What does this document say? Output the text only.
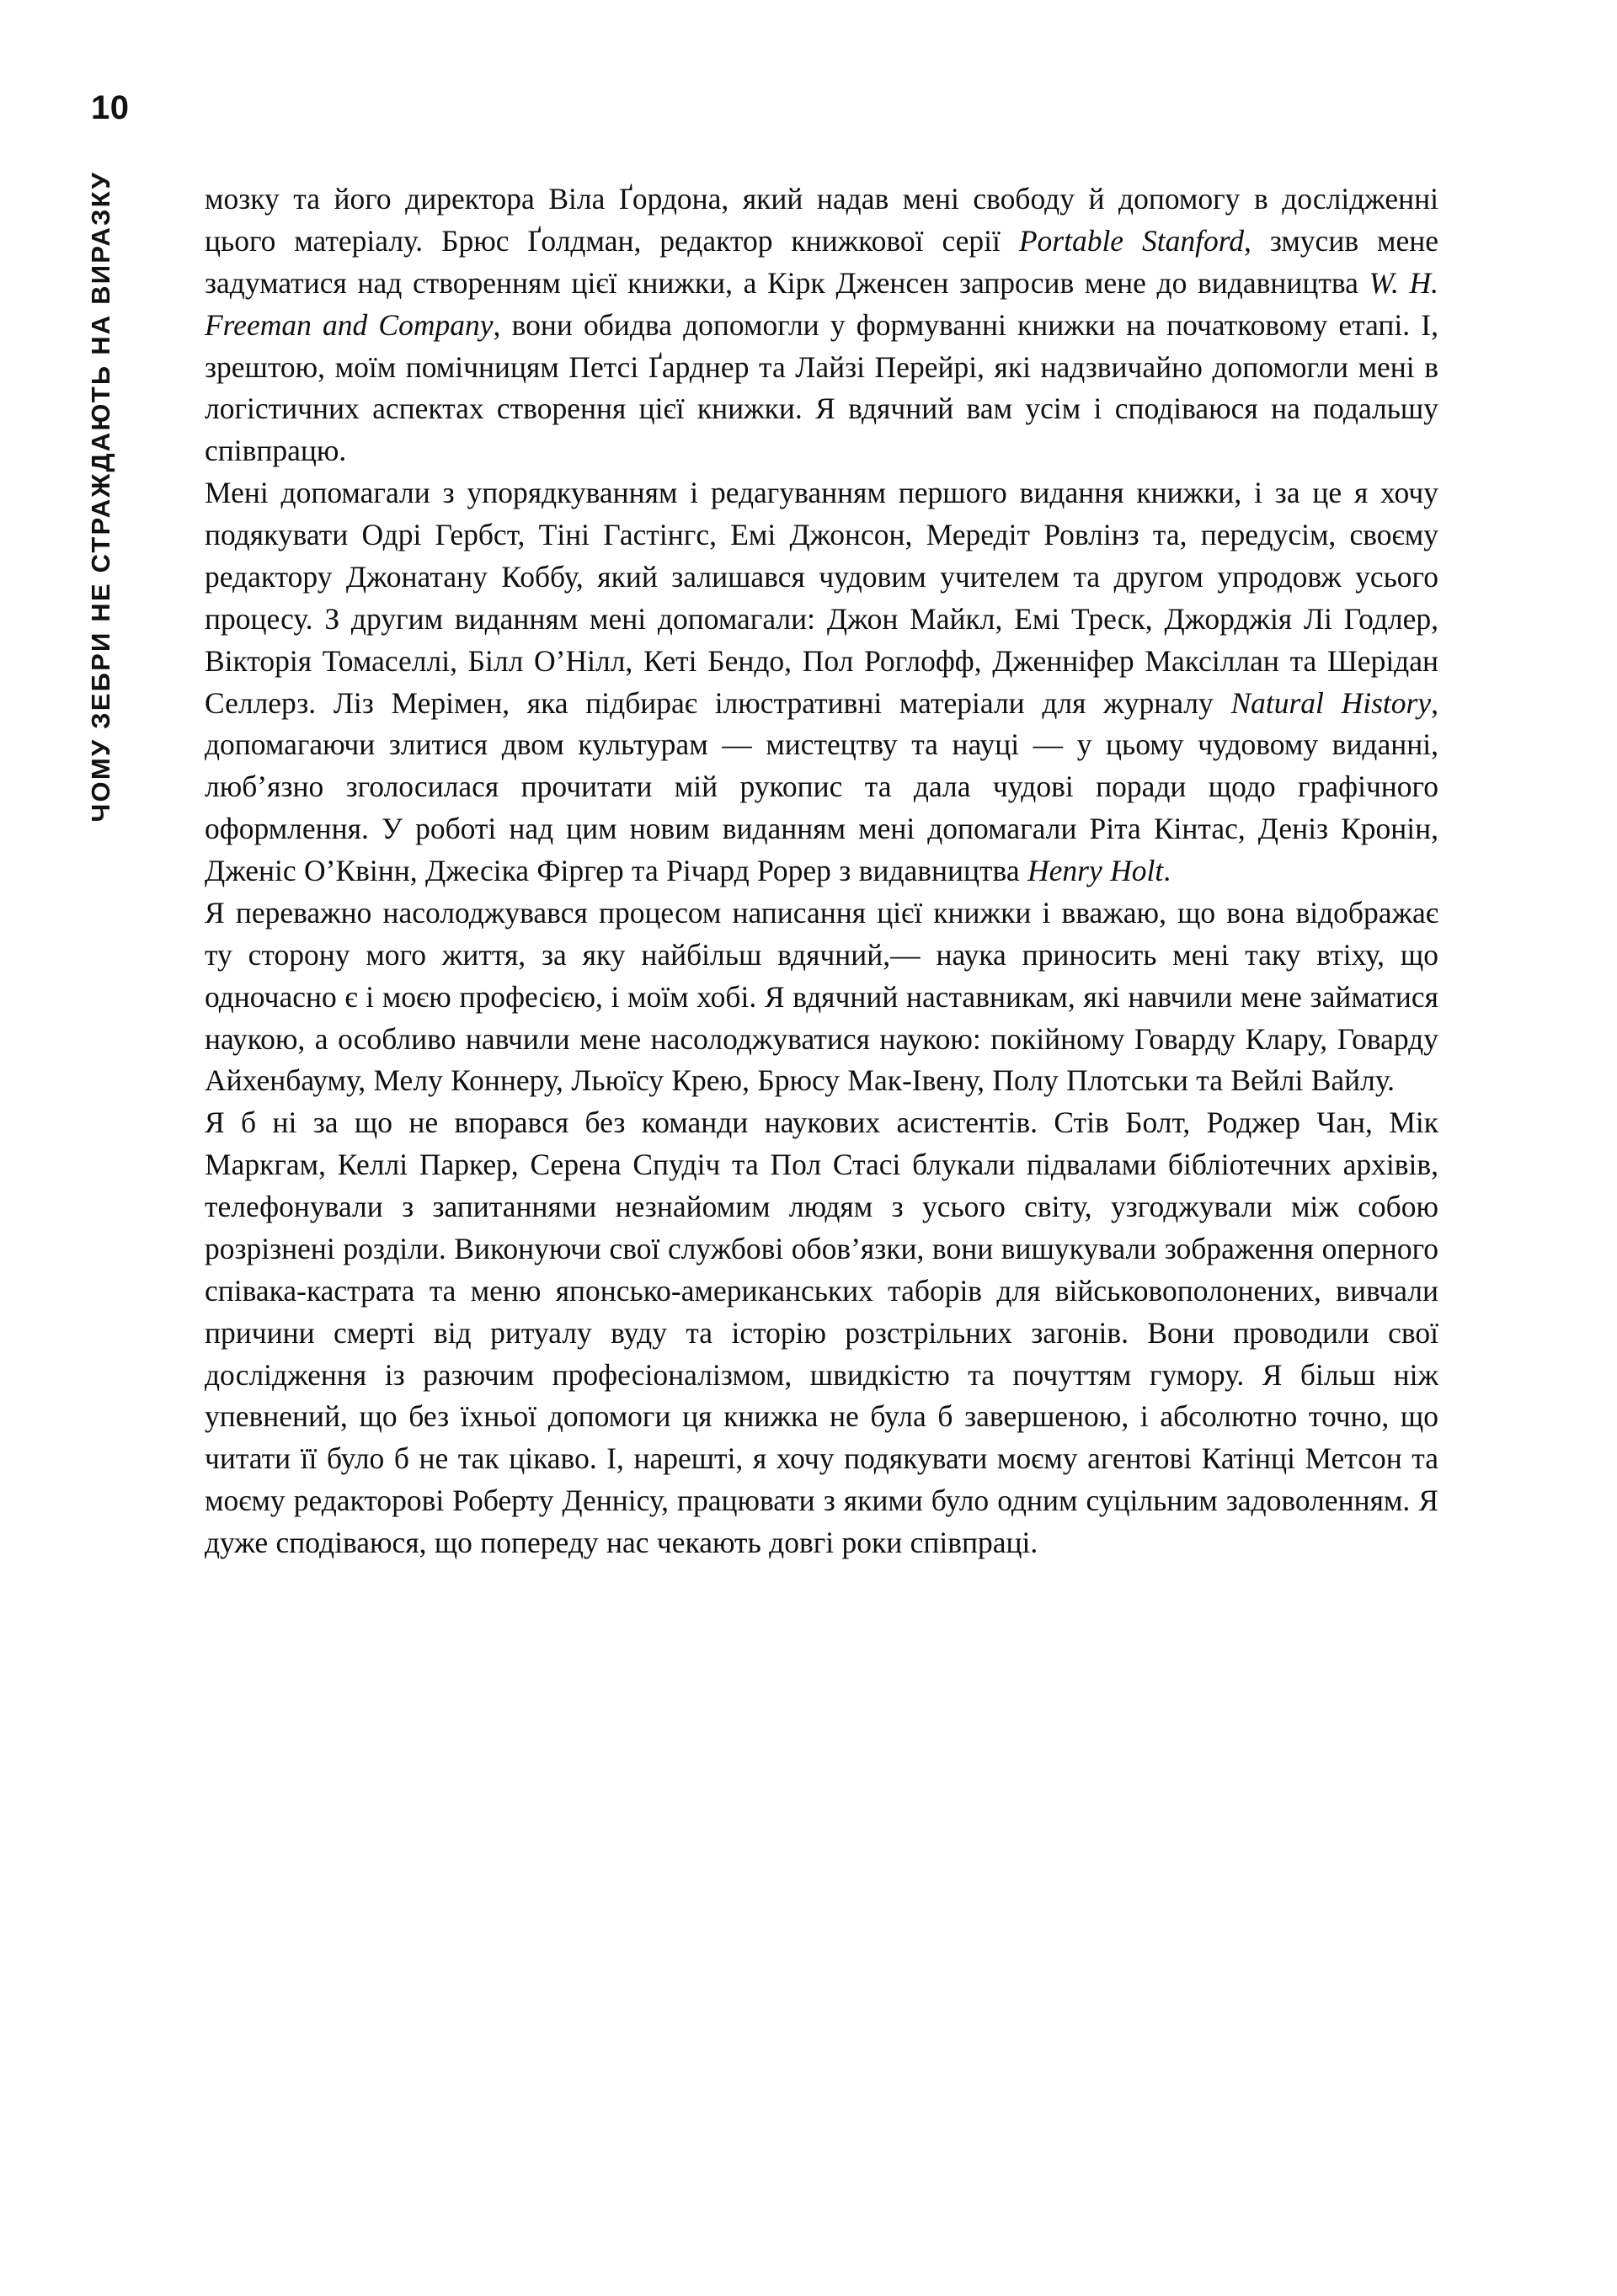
10
ЧОМУ ЗЕБРИ НЕ СТРАЖДАЮТЬ НА ВИРАЗКУ	мозку та його директора Віла Ґордона, який надав мені свободу й допомогу в дослідженні цього матеріалу. Брюс Ґолдман, редактор книжкової серії Portable Stanford, змусив мене задуматися над створенням цієї книжки, а Кірк Дженсен запросив мене до видавництва W. H. Freeman and Company, вони обидва допомогли у формуванні книжки на початковому етапі. І, зрештою, моїм помічницям Петсі Ґарднер та Лайзі Перейрі, які надзвичайно допомогли мені в логістичних аспектах створення цієї книжки. Я вдячний вам усім і сподіваюся на подальшу співпрацю.

Мені допомагали з упорядкуванням і редагуванням першого видання книжки, і за це я хочу подякувати Одрі Гербст, Тіні Гастінгс, Емі Джонсон, Мередіт Ровлінз та, передусім, своєму редактору Джонатану Коббу, який залишався чудовим учителем та другом упродовж усього процесу. З другим виданням мені допомагали: Джон Майкл, Емі Треск, Джорджія Лі Годлер, Вікторія Томаселлі, Білл О’Нілл, Кеті Бендо, Пол Роглофф, Дженніфер Максіллан та Шерідан Селлерз. Ліз Мерімен, яка підбирає ілюстративні матеріали для журналу Natural History, допомагаючи злитися двом культурам — мистецтву та науці — у цьому чудовому виданні, люб’язно зголосилася прочитати мій рукопис та дала чудові поради щодо графічного оформлення. У роботі над цим новим виданням мені допомагали Ріта Кінтас, Деніз Кронін, Дженіс О’Квінн, Джесіка Фіргер та Річард Рорер з видавництва Henry Holt.

Я переважно насолоджувався процесом написання цієї книжки і вважаю, що вона відображає ту сторону мого життя, за яку найбільш вдячний,— наука приносить мені таку втіху, що одночасно є і моєю професією, і моїм хобі. Я вдячний наставникам, які навчили мене займатися наукою, а особливо навчили мене насолоджуватися наукою: покійному Говарду Клару, Говарду Айхенбауму, Мелу Коннеру, Льюїсу Крею, Брюсу Мак-Івену, Полу Плотськи та Вейлі Вайлу.

Я б ні за що не впорався без команди наукових асистентів. Стів Болт, Роджер Чан, Мік Маркгам, Келлі Паркер, Серена Спудіч та Пол Стасі блукали підвалами бібліотечних архівів, телефонували з запитаннями незнайомим людям з усього світу, узгоджували між собою розрізнені розділи. Виконуючи свої службові обов’язки, вони вишукували зображення оперного співака-кастрата та меню японсько-американських таборів для військовополонених, вивчали причини смерті від ритуалу вуду та історію розстрільних загонів. Вони проводили свої дослідження із разючим професіоналізмом, швидкістю та почуттям гумору. Я більш ніж упевнений, що без їхньої допомоги ця книжка не була б завершеною, і абсолютно точно, що читати її було б не так цікаво. І, нарешті, я хочу подякувати моєму агентові Катінці Метсон та моєму редакторові Роберту Деннісу, працювати з якими було одним суцільним задоволенням. Я дуже сподіваюся, що попереду нас чекають довгі роки співпраці.
